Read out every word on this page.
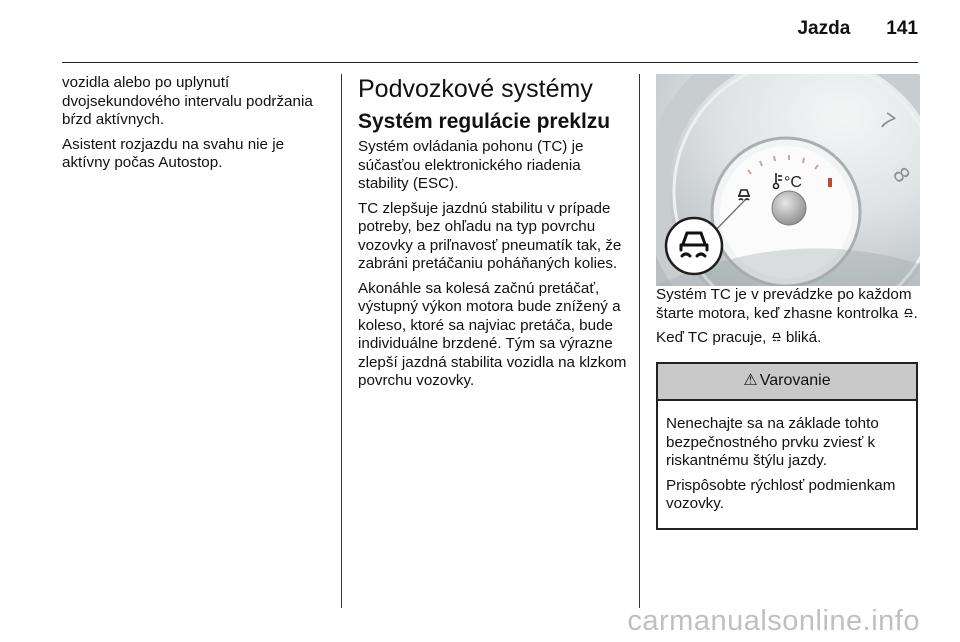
Jazda 141

vozidla alebo po uplynutí dvojsekundového intervalu podržania bŕzd aktívnych.

Asistent rozjazdu na svahu nie je aktívny počas Autostop.

Podvozkové systémy
Systém regulácie preklzu

Systém ovládania pohonu (TC) je súčasťou elektronického riadenia stability (ESC).

TC zlepšuje jazdnú stabilitu v prípade potreby, bez ohľadu na typ povrchu vozovky a priľnavosť pneumatík tak, že zabráni pretáčaniu poháňaných kolies.

Akonáhle sa kolesá začnú pretáčať, výstupný výkon motora bude znížený a koleso, ktoré sa najviac pretáča, bude individuálne brzdené. Tým sa výrazne zlepší jazdná stabilita vozidla na klzkom povrchu vozovky.

7
8
°C

Systém TC je v prevádzke po každom štarte motora, keď zhasne kontrolka .

Keď TC pracuje, bliká.

⚠ Varovanie

Nenechajte sa na základe tohto bezpečnostného prvku zviesť k riskantnému štýlu jazdy.

Prispôsobte rýchlosť podmienkam vozovky.

carmanualsonline.info
